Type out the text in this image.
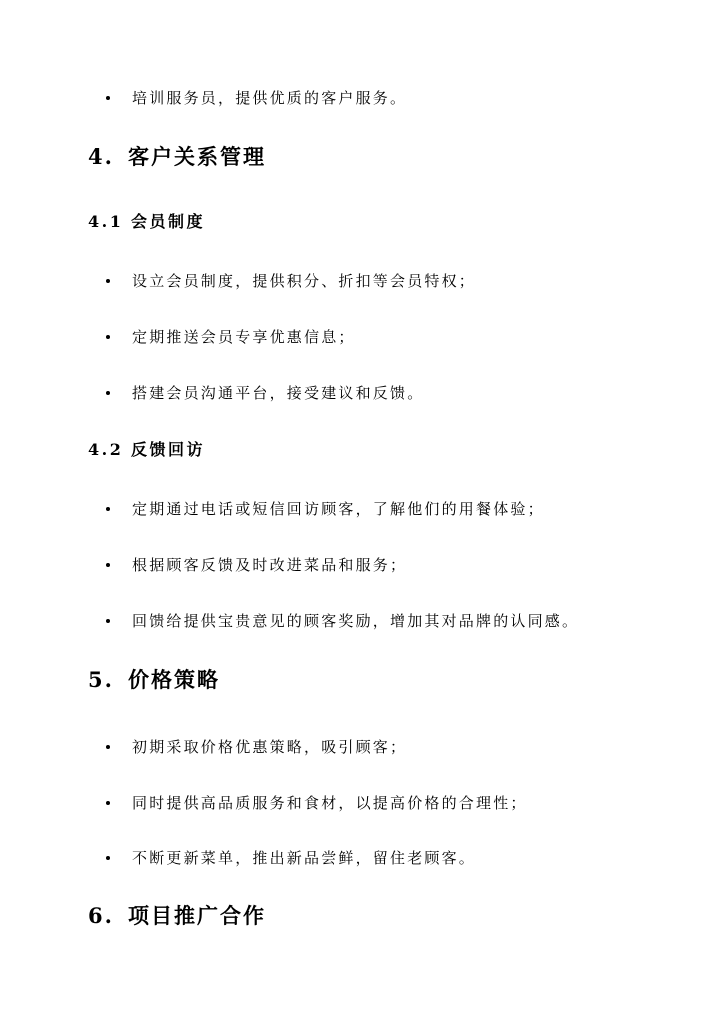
培训服务员，提供优质的客户服务。
4. 客户关系管理
4.1 会员制度
设立会员制度，提供积分、折扣等会员特权；
定期推送会员专享优惠信息；
搭建会员沟通平台，接受建议和反馈。
4.2 反馈回访
定期通过电话或短信回访顾客，了解他们的用餐体验；
根据顾客反馈及时改进菜品和服务；
回馈给提供宝贵意见的顾客奖励，增加其对品牌的认同感。
5. 价格策略
初期采取价格优惠策略，吸引顾客；
同时提供高品质服务和食材，以提高价格的合理性；
不断更新菜单，推出新品尝鲜，留住老顾客。
6. 项目推广合作
